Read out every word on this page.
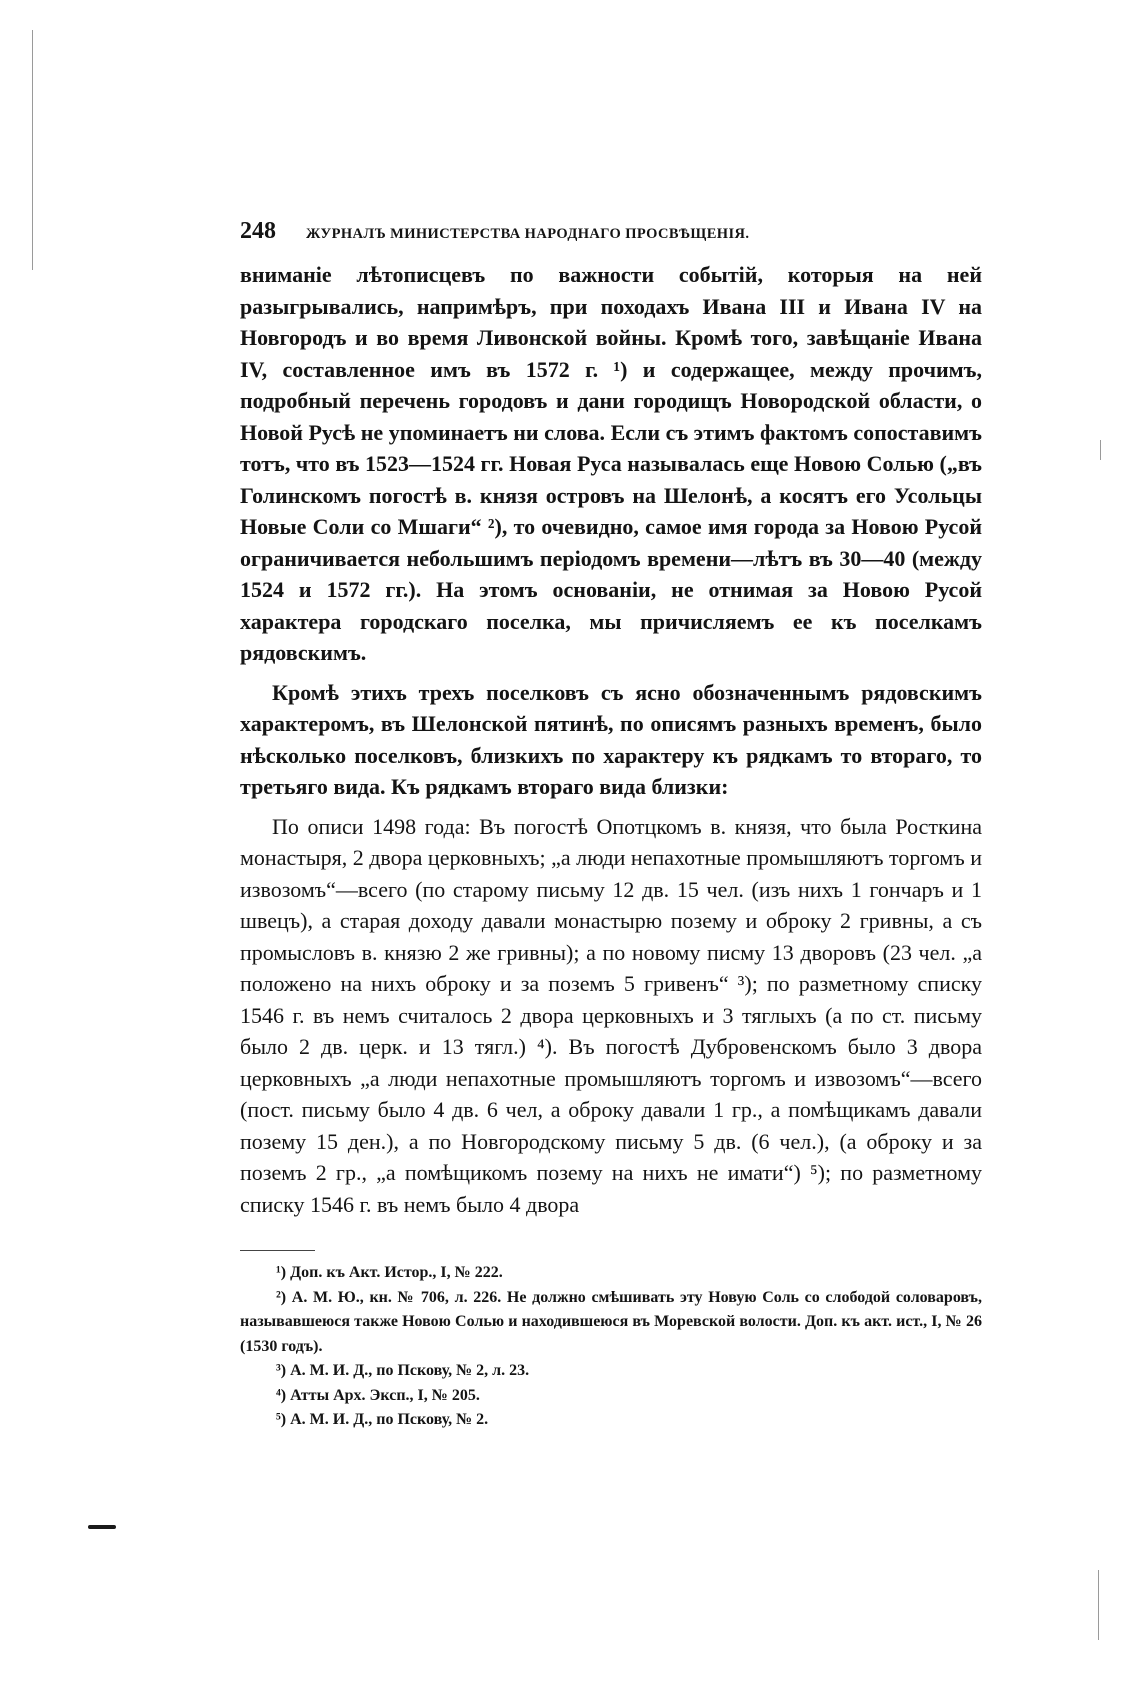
248 ЖУРНАЛЪ МИНИСТЕРСТВА НАРОДНАГО ПРОСВѢЩЕНІЯ.

вниманіе лѣтописцевъ по важности событій, которыя на ней разыгрывались, напримѣръ, при походахъ Ивана III и Ивана IV на Новгородъ и во время Ливонской войны. Кромѣ того, завѣщаніе Ивана IV, составленное имъ въ 1572 г. ¹) и содержащее, между прочимъ, подробный перечень городовъ и дани городищъ Новородской области, о Новой Русѣ не упоминаетъ ни слова. Если съ этимъ фактомъ сопоставимъ тотъ, что въ 1523—1524 гг. Новая Руса называлась еще Новою Солью („въ Голинскомъ погостѣ в. князя островъ на Шелонѣ, а косятъ его Усольцы Новые Соли со Мшаги“ ²), то очевидно, самое имя города за Новою Русой ограничивается небольшимъ періодомъ времени—лѣтъ въ 30—40 (между 1524 и 1572 гг.). На этомъ основаніи, не отнимая за Новою Русой характера городскаго поселка, мы причисляемъ ее къ поселкамъ рядовскимъ.

Кромѣ этихъ трехъ поселковъ съ ясно обозначеннымъ рядовскимъ характеромъ, въ Шелонской пятинѣ, по описямъ разныхъ временъ, было нѣсколько поселковъ, близкихъ по характеру къ рядкамъ то втораго, то третьяго вида. Къ рядкамъ втораго вида близки:

По описи 1498 года: Въ погостѣ Опотцкомъ в. князя, что была Росткина монастыря, 2 двора церковныхъ; „а люди непахотные промышляютъ торгомъ и извозомъ“—всего (по старому письму 12 дв. 15 чел. (изъ нихъ 1 гончаръ и 1 швецъ), а старая доходу давали монастырю позему и оброку 2 гривны, а съ промысловъ в. князю 2 же гривны); а по новому писму 13 дворовъ (23 чел. „а положено на нихъ оброку и за поземъ 5 гривенъ“ ³); по разметному списку 1546 г. въ немъ считалось 2 двора церковныхъ и 3 тяглыхъ (а по ст. письму было 2 дв. церк. и 13 тягл.) ⁴). Въ погостѣ Дубровенскомъ было 3 двора церковныхъ „а люди непахотные промышляютъ торгомъ и извозомъ“—всего (пост. письму было 4 дв. 6 чел, а оброку давали 1 гр., а помѣщикамъ давали позему 15 ден.), а по Новгородскому письму 5 дв. (6 чел.), (а оброку и за поземъ 2 гр., „а помѣщикомъ позему на нихъ не имати“) ⁵); по разметному списку 1546 г. въ немъ было 4 двора

¹) Доп. къ Акт. Истор., I, № 222.

²) А. М. Ю., кн. № 706, л. 226. Не должно смѣшивать эту Новую Соль со слободой соловаровъ, называвшеюся также Новою Солью и находившеюся въ Моревской волости. Доп. къ акт. ист., I, № 26 (1530 годъ).

³) А. М. И. Д., по Пскову, № 2, л. 23.

⁴) Атты Арх. Эксп., I, № 205.

⁵) А. М. И. Д., по Пскову, № 2.
